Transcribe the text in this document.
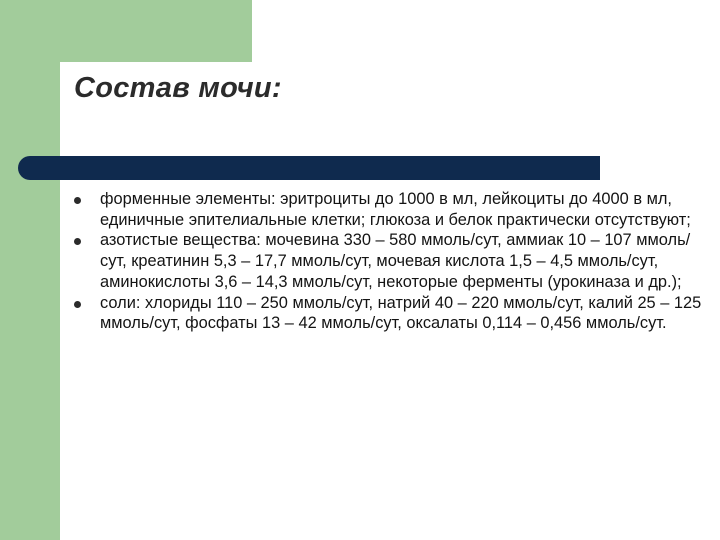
Состав мочи:
форменные элементы: эритроциты до 1000 в мл, лейкоциты до 4000 в мл, единичные эпителиальные клетки; глюкоза и белок практически отсутствуют;
азотистые вещества: мочевина 330 – 580 ммоль/сут, аммиак 10 – 107 ммоль/сут, креатинин 5,3 – 17,7 ммоль/сут, мочевая кислота 1,5 – 4,5 ммоль/сут, аминокислоты 3,6 – 14,3 ммоль/сут, некоторые ферменты (урокиназа и др.);
соли: хлориды 110 – 250 ммоль/сут, натрий 40 – 220 ммоль/сут, калий 25 – 125 ммоль/сут, фосфаты 13 – 42 ммоль/сут, оксалаты 0,114 – 0,456 ммоль/сут.
